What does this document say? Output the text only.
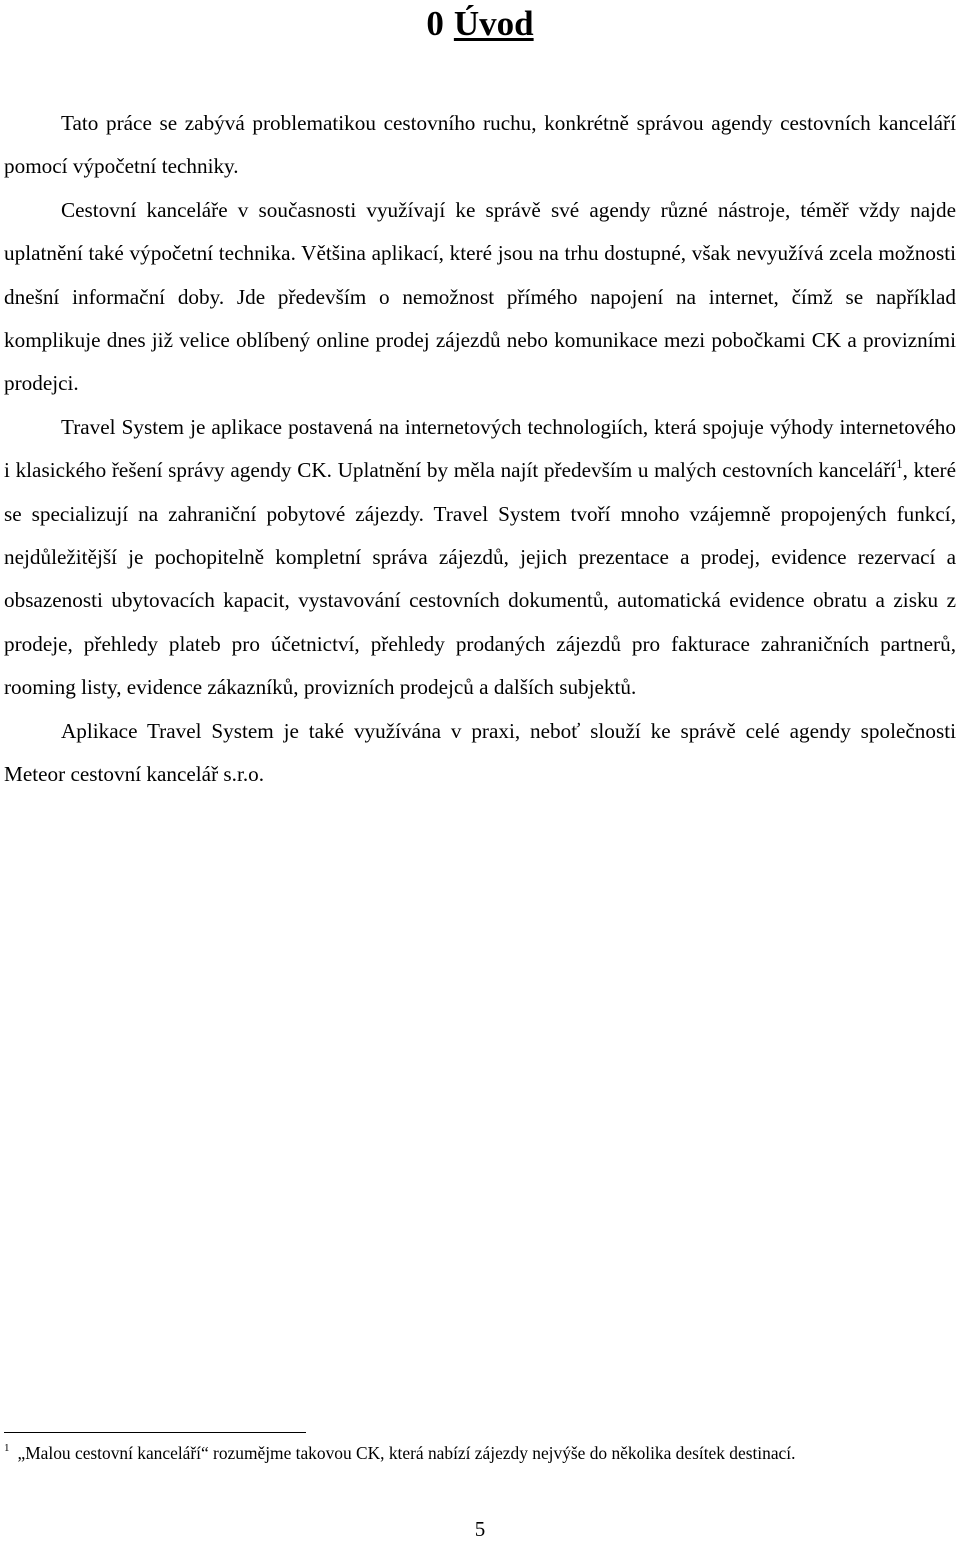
0 Úvod

Tato práce se zabývá problematikou cestovního ruchu, konkrétně správou agendy cestovních kanceláří pomocí výpočetní techniky.

Cestovní kanceláře v současnosti využívají ke správě své agendy různé nástroje, téměř vždy najde uplatnění také výpočetní technika. Většina aplikací, které jsou na trhu dostupné, však nevyužívá zcela možnosti dnešní informační doby. Jde především o nemožnost přímého napojení na internet, čímž se například komplikuje dnes již velice oblíbený online prodej zájezdů nebo komunikace mezi pobočkami CK a provizními prodejci.

Travel System je aplikace postavená na internetových technologiích, která spojuje výhody internetového i klasického řešení správy agendy CK. Uplatnění by měla najít především u malých cestovních kanceláří$^1$, které se specializují na zahraniční pobytové zájezdy. Travel System tvoří mnoho vzájemně propojených funkcí, nejdůležitější je pochopitelně kompletní správa zájezdů, jejich prezentace a prodej, evidence rezervací a obsazenosti ubytovacích kapacit, vystavování cestovních dokumentů, automatická evidence obratu a zisku z prodeje, přehledy plateb pro účetnictví, přehledy prodaných zájezdů pro fakturace zahraničních partnerů, rooming listy, evidence zákazníků, provizních prodejců a dalších subjektů.

Aplikace Travel System je také využívána v praxi, neboť slouží ke správě celé agendy společnosti Meteor cestovní kancelář s.r.o.

$^1$ „Malou cestovní kanceláří“ rozumějme takovou CK, která nabízí zájezdy nejvýše do několika desítek destinací.
5
